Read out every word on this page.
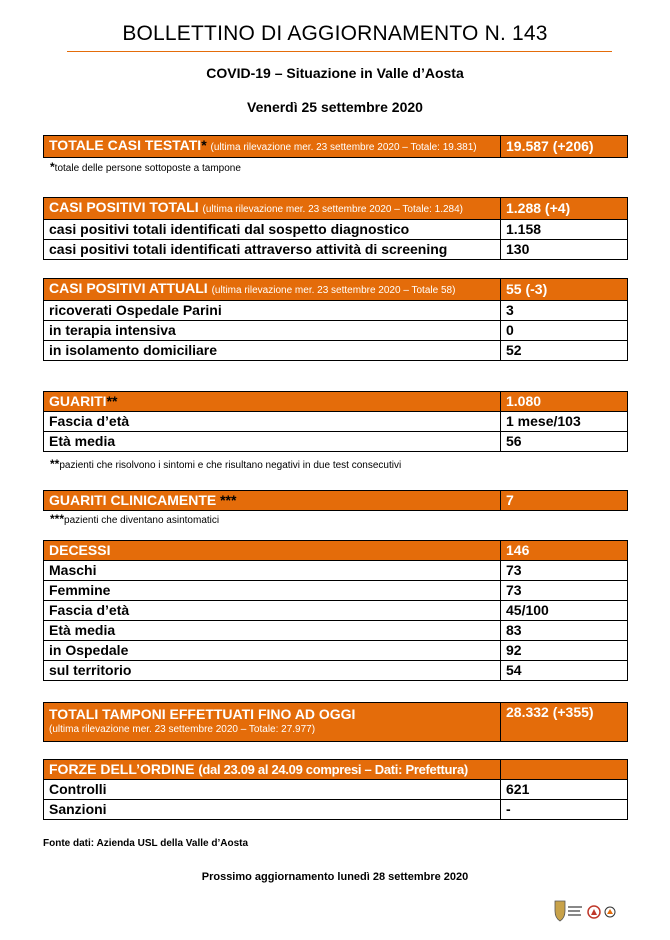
BOLLETTINO DI AGGIORNAMENTO N. 143
COVID-19 – Situazione in Valle d’Aosta
Venerdì 25 settembre 2020
TOTALE CASI TESTATI* (ultima rilevazione mer. 23 settembre 2020 – Totale: 19.381)	19.587 (+206)
*totale delle persone sottoposte a tampone
CASI POSITIVI TOTALI (ultima rilevazione mer. 23 settembre 2020 – Totale: 1.284)	1.288 (+4)
casi positivi totali identificati dal sospetto diagnostico	1.158
casi positivi totali identificati attraverso attività di screening	130
CASI POSITIVI ATTUALI (ultima rilevazione mer. 23 settembre 2020 – Totale 58)	55 (-3)
ricoverati Ospedale Parini	3
in terapia intensiva	0
in isolamento domiciliare	52
GUARITI**	1.080
Fascia d’età	1 mese/103
Età media	56
**pazienti che risolvono i sintomi e che risultano negativi in due test consecutivi
GUARITI CLINICAMENTE ***	7
***pazienti che diventano asintomatici
DECESSI	146
Maschi	73
Femmine	73
Fascia d’età	45/100
Età media	83
in Ospedale	92
sul territorio	54
TOTALI TAMPONI EFFETTUATI FINO AD OGGI
(ultima rilevazione mer. 23 settembre 2020 – Totale: 27.977)
	28.332 (+355)
FORZE DELL’ORDINE (dal 23.09 al 24.09 compresi – Dati: Prefettura)	
Controlli	621
Sanzioni	-
Fonte dati: Azienda USL della Valle d’Aosta
Prossimo aggiornamento lunedì 28 settembre 2020
